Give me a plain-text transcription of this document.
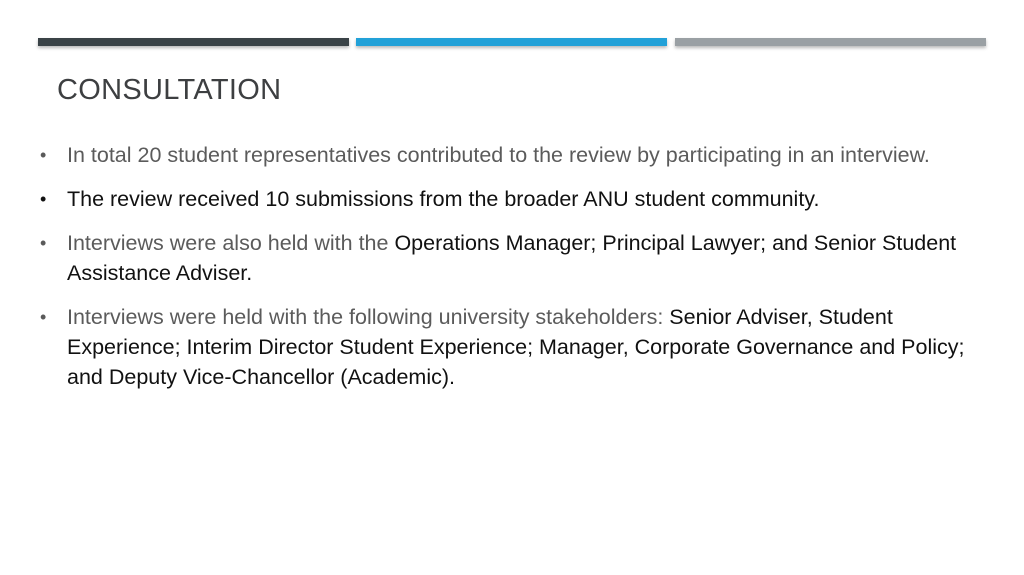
CONSULTATION
• In total 20 student representatives contributed to the review by participating in an interview.
• The review received 10 submissions from the broader ANU student community.
• Interviews were also held with the Operations Manager; Principal Lawyer; and Senior Student Assistance Adviser.
• Interviews were held with the following university stakeholders: Senior Adviser, Student Experience; Interim Director Student Experience; Manager, Corporate Governance and Policy; and Deputy Vice-Chancellor (Academic).
